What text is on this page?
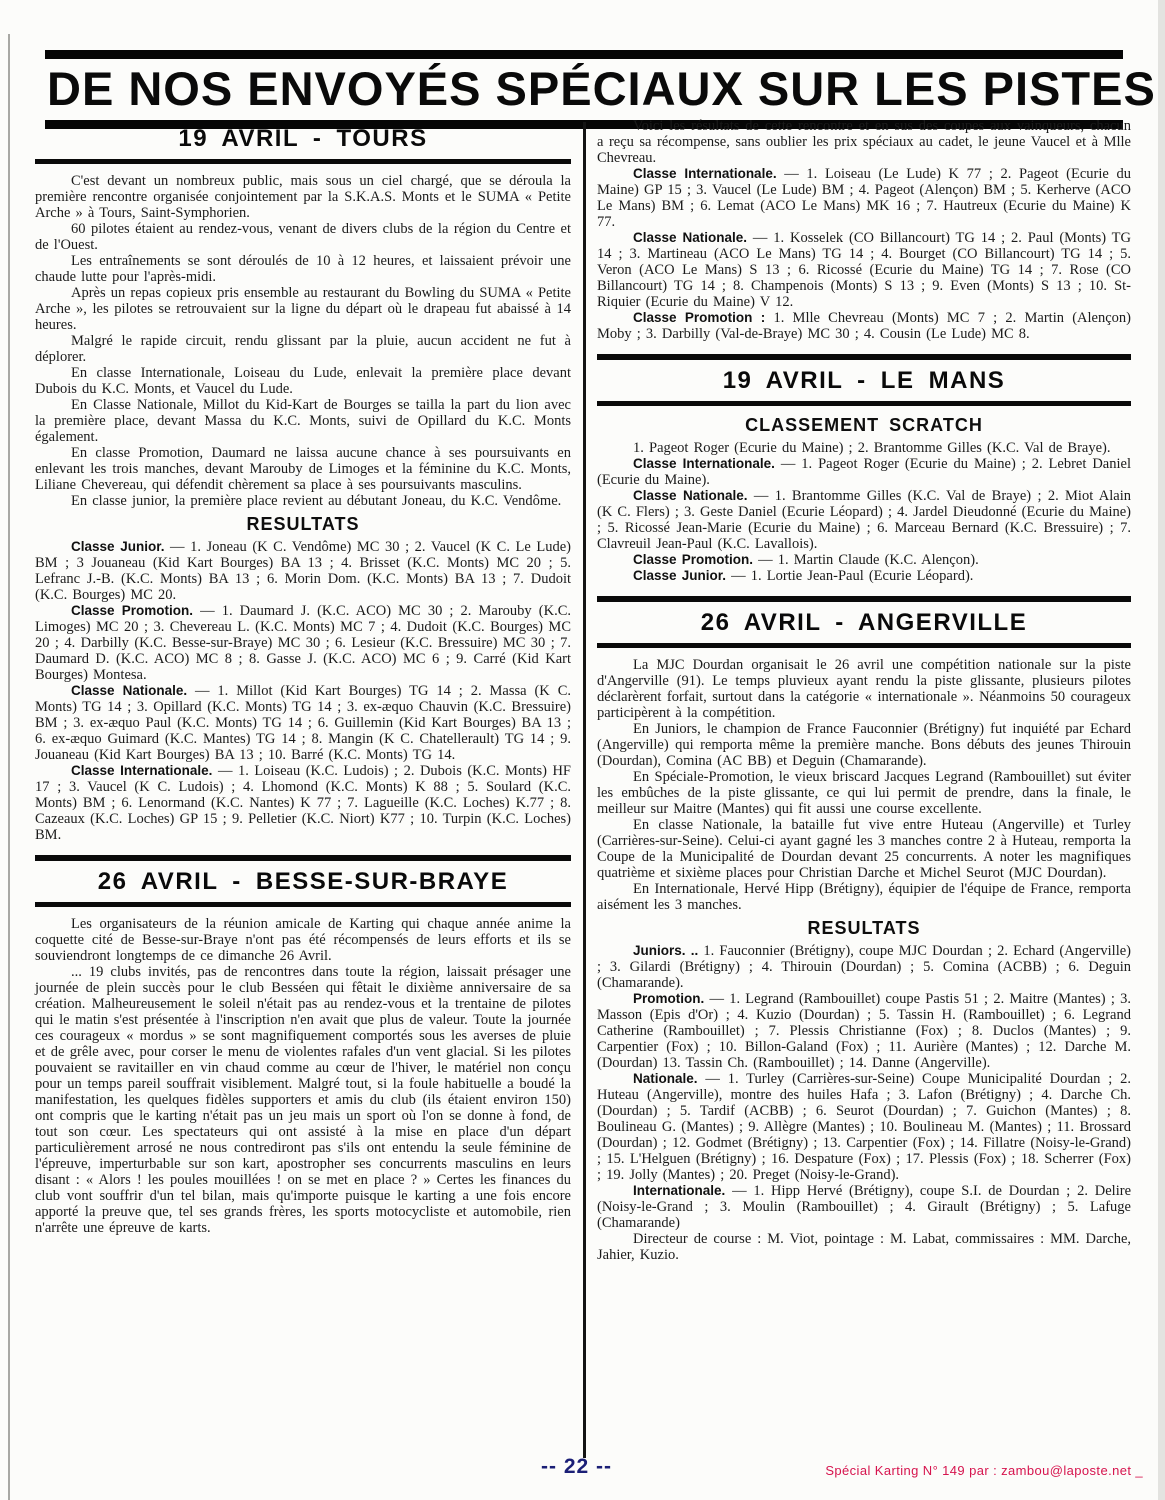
DE NOS ENVOYÉS SPÉCIAUX SUR LES PISTES
19 AVRIL - TOURS

C'est devant un nombreux public, mais sous un ciel chargé, que se déroula la première rencontre organisée conjointement par la S.K.A.S. Monts et le SUMA « Petite Arche » à Tours, Saint-Symphorien.

60 pilotes étaient au rendez-vous, venant de divers clubs de la région du Centre et de l'Ouest.

Les entraînements se sont déroulés de 10 à 12 heures, et laissaient prévoir une chaude lutte pour l'après-midi.

Après un repas copieux pris ensemble au restaurant du Bowling du SUMA « Petite Arche », les pilotes se retrouvaient sur la ligne du départ où le drapeau fut abaissé à 14 heures.

Malgré le rapide circuit, rendu glissant par la pluie, aucun accident ne fut à déplorer.

En classe Internationale, Loiseau du Lude, enlevait la première place devant Dubois du K.C. Monts, et Vaucel du Lude.

En Classe Nationale, Millot du Kid-Kart de Bourges se tailla la part du lion avec la première place, devant Massa du K.C. Monts, suivi de Opillard du K.C. Monts également.

En classe Promotion, Daumard ne laissa aucune chance à ses poursuivants en enlevant les trois manches, devant Marouby de Limoges et la féminine du K.C. Monts, Liliane Chevereau, qui défendit chèrement sa place à ses poursuivants masculins.

En classe junior, la première place revient au débutant Joneau, du K.C. Vendôme.

RESULTATS

Classe Junior. — 1. Joneau (K C. Vendôme) MC 30 ; 2. Vaucel (K C. Le Lude) BM ; 3 Jouaneau (Kid Kart Bourges) BA 13 ; 4. Brisset (K.C. Monts) MC 20 ; 5. Lefranc J.-B. (K.C. Monts) BA 13 ; 6. Morin Dom. (K.C. Monts) BA 13 ; 7. Dudoit (K.C. Bourges) MC 20.

Classe Promotion. — 1. Daumard J. (K.C. ACO) MC 30 ; 2. Marouby (K.C. Limoges) MC 20 ; 3. Chevereau L. (K.C. Monts) MC 7 ; 4. Dudoit (K.C. Bourges) MC 20 ; 4. Darbilly (K.C. Besse-sur-Braye) MC 30 ; 6. Lesieur (K.C. Bressuire) MC 30 ; 7. Daumard D. (K.C. ACO) MC 8 ; 8. Gasse J. (K.C. ACO) MC 6 ; 9. Carré (Kid Kart Bourges) Montesa.

Classe Nationale. — 1. Millot (Kid Kart Bourges) TG 14 ; 2. Massa (K C. Monts) TG 14 ; 3. Opillard (K.C. Monts) TG 14 ; 3. ex-æquo Chauvin (K.C. Bressuire) BM ; 3. ex-æquo Paul (K.C. Monts) TG 14 ; 6. Guillemin (Kid Kart Bourges) BA 13 ; 6. ex-æquo Guimard (K.C. Mantes) TG 14 ; 8. Mangin (K C. Chatellerault) TG 14 ; 9. Jouaneau (Kid Kart Bourges) BA 13 ; 10. Barré (K.C. Monts) TG 14.

Classe Internationale. — 1. Loiseau (K.C. Ludois) ; 2. Dubois (K.C. Monts) HF 17 ; 3. Vaucel (K C. Ludois) ; 4. Lhomond (K.C. Monts) K 88 ; 5. Soulard (K.C. Monts) BM ; 6. Lenormand (K.C. Nantes) K 77 ; 7. Lagueille (K.C. Loches) K.77 ; 8. Cazeaux (K.C. Loches) GP 15 ; 9. Pelletier (K.C. Niort) K77 ; 10. Turpin (K.C. Loches) BM.

26 AVRIL - BESSE-SUR-BRAYE

Les organisateurs de la réunion amicale de Karting qui chaque année anime la coquette cité de Besse-sur-Braye n'ont pas été récompensés de leurs efforts et ils se souviendront longtemps de ce dimanche 26 Avril.

... 19 clubs invités, pas de rencontres dans toute la région, laissait présager une journée de plein succès pour le club Besséen qui fêtait le dixième anniversaire de sa création. Malheureusement le soleil n'était pas au rendez-vous et la trentaine de pilotes qui le matin s'est présentée à l'inscription n'en avait que plus de valeur. Toute la journée ces courageux « mordus » se sont magnifiquement comportés sous les averses de pluie et de grêle avec, pour corser le menu de violentes rafales d'un vent glacial. Si les pilotes pouvaient se ravitailler en vin chaud comme au cœur de l'hiver, le matériel non conçu pour un temps pareil souffrait visiblement. Malgré tout, si la foule habituelle a boudé la manifestation, les quelques fidèles supporters et amis du club (ils étaient environ 150) ont compris que le karting n'était pas un jeu mais un sport où l'on se donne à fond, de tout son cœur. Les spectateurs qui ont assisté à la mise en place d'un départ particulièrement arrosé ne nous contrediront pas s'ils ont entendu la seule féminine de l'épreuve, imperturbable sur son kart, apostropher ses concurrents masculins en leurs disant : « Alors ! les poules mouillées ! on se met en place ? » Certes les finances du club vont souffrir d'un tel bilan, mais qu'importe puisque le karting a une fois encore apporté la preuve que, tel ses grands frères, les sports motocycliste et automobile, rien n'arrête une épreuve de karts.

Voici les résultats de cette rencontre et en sus des coupes aux vainqueurs, chacun a reçu sa récompense, sans oublier les prix spéciaux au cadet, le jeune Vaucel et à Mlle Chevreau.

Classe Internationale. — 1. Loiseau (Le Lude) K 77 ; 2. Pageot (Ecurie du Maine) GP 15 ; 3. Vaucel (Le Lude) BM ; 4. Pageot (Alençon) BM ; 5. Kerherve (ACO Le Mans) BM ; 6. Lemat (ACO Le Mans) MK 16 ; 7. Hautreux (Ecurie du Maine) K 77.

Classe Nationale. — 1. Kosselek (CO Billancourt) TG 14 ; 2. Paul (Monts) TG 14 ; 3. Martineau (ACO Le Mans) TG 14 ; 4. Bourget (CO Billancourt) TG 14 ; 5. Veron (ACO Le Mans) S 13 ; 6. Ricossé (Ecurie du Maine) TG 14 ; 7. Rose (CO Billancourt) TG 14 ; 8. Champenois (Monts) S 13 ; 9. Even (Monts) S 13 ; 10. St-Riquier (Ecurie du Maine) V 12.

Classe Promotion : 1. Mlle Chevreau (Monts) MC 7 ; 2. Martin (Alençon) Moby ; 3. Darbilly (Val-de-Braye) MC 30 ; 4. Cousin (Le Lude) MC 8.

19 AVRIL - LE MANS
CLASSEMENT SCRATCH

1. Pageot Roger (Ecurie du Maine) ; 2. Brantomme Gilles (K.C. Val de Braye).

Classe Internationale. — 1. Pageot Roger (Ecurie du Maine) ; 2. Lebret Daniel (Ecurie du Maine).

Classe Nationale. — 1. Brantomme Gilles (K.C. Val de Braye) ; 2. Miot Alain (K C. Flers) ; 3. Geste Daniel (Ecurie Léopard) ; 4. Jardel Dieudonné (Ecurie du Maine) ; 5. Ricossé Jean-Marie (Ecurie du Maine) ; 6. Marceau Bernard (K.C. Bressuire) ; 7. Clavreuil Jean-Paul (K.C. Lavallois).

Classe Promotion. — 1. Martin Claude (K.C. Alençon).

Classe Junior. — 1. Lortie Jean-Paul (Ecurie Léopard).

26 AVRIL - ANGERVILLE

La MJC Dourdan organisait le 26 avril une compétition nationale sur la piste d'Angerville (91). Le temps pluvieux ayant rendu la piste glissante, plusieurs pilotes déclarèrent forfait, surtout dans la catégorie « internationale ». Néanmoins 50 courageux participèrent à la compétition.

En Juniors, le champion de France Fauconnier (Brétigny) fut inquiété par Echard (Angerville) qui remporta même la première manche. Bons débuts des jeunes Thirouin (Dourdan), Comina (AC BB) et Deguin (Chamarande).

En Spéciale-Promotion, le vieux briscard Jacques Legrand (Rambouillet) sut éviter les embûches de la piste glissante, ce qui lui permit de prendre, dans la finale, le meilleur sur Maitre (Mantes) qui fit aussi une course excellente.

En classe Nationale, la bataille fut vive entre Huteau (Angerville) et Turley (Carrières-sur-Seine). Celui-ci ayant gagné les 3 manches contre 2 à Huteau, remporta la Coupe de la Municipalité de Dourdan devant 25 concurrents. A noter les magnifiques quatrième et sixième places pour Christian Darche et Michel Seurot (MJC Dourdan).

En Internationale, Hervé Hipp (Brétigny), équipier de l'équipe de France, remporta aisément les 3 manches.

RESULTATS

Juniors. .. 1. Fauconnier (Brétigny), coupe MJC Dourdan ; 2. Echard (Angerville) ; 3. Gilardi (Brétigny) ; 4. Thirouin (Dourdan) ; 5. Comina (ACBB) ; 6. Deguin (Chamarande).

Promotion. — 1. Legrand (Rambouillet) coupe Pastis 51 ; 2. Maitre (Mantes) ; 3. Masson (Epis d'Or) ; 4. Kuzio (Dourdan) ; 5. Tassin H. (Rambouillet) ; 6. Legrand Catherine (Rambouillet) ; 7. Plessis Christianne (Fox) ; 8. Duclos (Mantes) ; 9. Carpentier (Fox) ; 10. Billon-Galand (Fox) ; 11. Aurière (Mantes) ; 12. Darche M. (Dourdan) 13. Tassin Ch. (Rambouillet) ; 14. Danne (Angerville).

Nationale. — 1. Turley (Carrières-sur-Seine) Coupe Municipalité Dourdan ; 2. Huteau (Angerville), montre des huiles Hafa ; 3. Lafon (Brétigny) ; 4. Darche Ch. (Dourdan) ; 5. Tardif (ACBB) ; 6. Seurot (Dourdan) ; 7. Guichon (Mantes) ; 8. Boulineau G. (Mantes) ; 9. Allègre (Mantes) ; 10. Boulineau M. (Mantes) ; 11. Brossard (Dourdan) ; 12. Godmet (Brétigny) ; 13. Carpentier (Fox) ; 14. Fillatre (Noisy-le-Grand) ; 15. L'Helguen (Brétigny) ; 16. Despature (Fox) ; 17. Plessis (Fox) ; 18. Scherrer (Fox) ; 19. Jolly (Mantes) ; 20. Preget (Noisy-le-Grand).

Internationale. — 1. Hipp Hervé (Brétigny), coupe S.I. de Dourdan ; 2. Delire (Noisy-le-Grand ; 3. Moulin (Rambouillet) ; 4. Girault (Brétigny) ; 5. Lafuge (Chamarande)

Directeur de course : M. Viot, pointage : M. Labat, commissaires : MM. Darche, Jahier, Kuzio.

-- 22 --	Spécial Karting N° 149 par : zambou@laposte.net _
